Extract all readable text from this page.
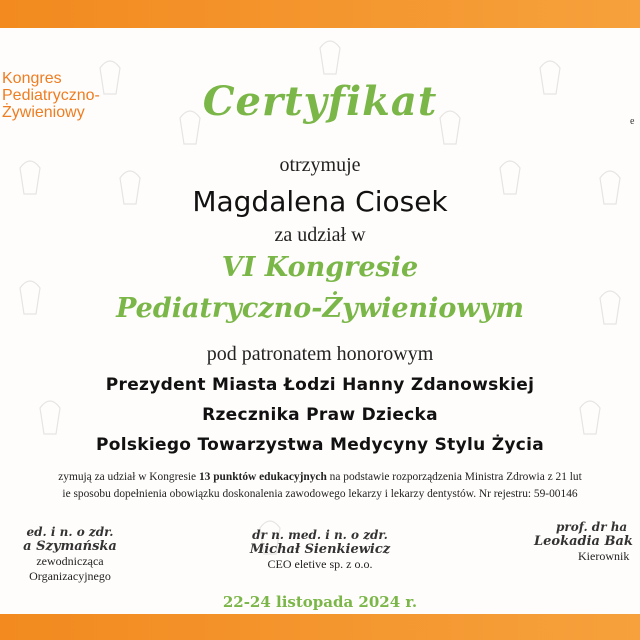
Kongres
Pediatryczno-
Żywieniowy	Certyfikat	e
otrzymuje
Magdalena Ciosek
za udział w
VI Kongresie
Pediatryczno-Żywieniowym
pod patronatem honorowym
Prezydent Miasta Łodzi Hanny Zdanowskiej
Rzecznika Praw Dziecka
Polskiego Towarzystwa Medycyny Stylu Życia
zymują za udział w Kongresie 13 punktów edukacyjnych na podstawie rozporządzenia Ministra Zdrowia z 21 lut
ie sposobu dopełnienia obowiązku doskonalenia zawodowego lekarzy i lekarzy dentystów. Nr rejestru: 59-00146
ed. i n. o zdr.
a Szymańska
zewodnicząca
Organizacyjnego
dr n. med. i n. o zdr.
Michał Sienkiewicz
CEO eletive sp. z o.o.
prof. dr ha
Leokadia Bak
Kierownik
22-24 listopada 2024 r.
